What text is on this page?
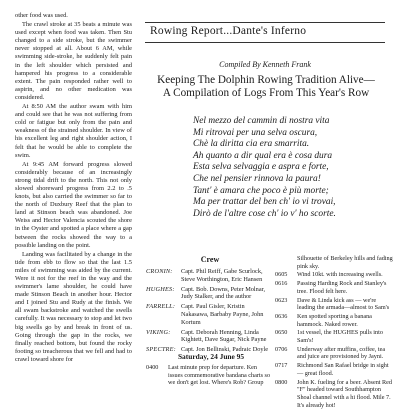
other food was used.

The crawl stroke at 35 beats a minute was used except when food was taken. Then Stu changed to a side stroke, but the swimmer never stopped at all. About 6 AM, while swimming side-stroke, he suddenly felt pain in the left shoulder which persisted and hampered his progress to a considerable extent. The pain responded rather well to aspirin, and no other medication was considered.

At 8:50 AM the author swam with him and could see that he was not suffering from cold or fatigue but only from the pain and weakness of the strained shoulder. In view of his excellent leg and right shoulder action, I felt that he would be able to complete the swim.

At 9:45 AM forward progress slowed considerably because of an increasingly strong tidal drift to the north. This not only slowed shoreward progress from 2.2 to .5 knots, but also carried the swimmer so far to the north of Duxbury Reef that the plan to land at Stinson beach was abandoned. Joe Weiss and Hector Valencia scouted the shore in the Oyster and spotted a place where a gap between the rocks showed the way to a possible landing on the point.

Landing was facilitated by a change in the tide from ebb to flow so that the last 1.5 miles of swimming was aided by the current. Were it not for the reef in the way and the swimmer's lame shoulder, he could have made Stinson Beach in another hour. Hector and I joined Stu and Rudy at the finish. We all swam backstroke and watched the swells carefully. It was necessary to stop and let two big swells go by and break in front of us. Going through the gap in the rocks, we finally reached bottom, but found the rocky footing so treacherous that we fell and had to crawl toward shore for

Rowing Report...Dante's Inferno
Compiled By Kenneth Frank
Keeping The Dolphin Rowing Tradition Alive—
A Compilation of Logs From This Year's Row
Nel mezzo del cammin di nostra vita
Mi ritrovai per una selva oscura,
Chè la diritta cia era smarrita.
Ah quanto a dir qual era è cosa dura
Esta selva selvaggia e aspra e forte,
Che nel pensier rinnova la paura!
Tant' è amara che poco è più morte;
Ma per trattar del ben ch' io vi trovai,
Dirò de l'altre cose ch' io v' ho scorte.
Crew
CRONIN:	Capt. Phil Reiff, Gabe Scurlock, Steve Worthington, Eric Hansen
HUGHES:	Capt. Bob. Downs, Peter Molnar, Judy Stalker, and the author
FARRELL: Capt. Paul Gisler, Kristin Nakasawa, Barbaby Payne, John Kortum
VIKING:	Capt. Deborah Henning, Linda Kightett, Dave Sugar, Nick Payne
SPECTRE: Capt. Jon Bellinski, Padraic Doyle
Saturday, 24 June 95
0400	Last minute prep for departure. Ken issues commemorative bandana charts so we don't get lost. Where's Rob? Group
Silhouette of Berkeley hills and fading pink sky.
0605	Wind 10kt. with increasing swells.
0616	Passing Harding Rock and Stanley's tree. Flood felt here.
0623	Dave & Linda kick ass — we're leading the armada—almost to Sam's
0636	Ken spotted sporting a banana hammock. Naked rower.
0650	1st vessel, the HUGHES pulls into Sam's!
0706	Underway after muffins, coffee, tea and juice are provisioned by Jayni.
0717	Richmond San Rafael bridge in sight — great flood.
0800	John K. fueling for a beer. Absent Red "F" headed toward Southhampton Shoal channel with a hi flood. Mile 7. It's already hot!
